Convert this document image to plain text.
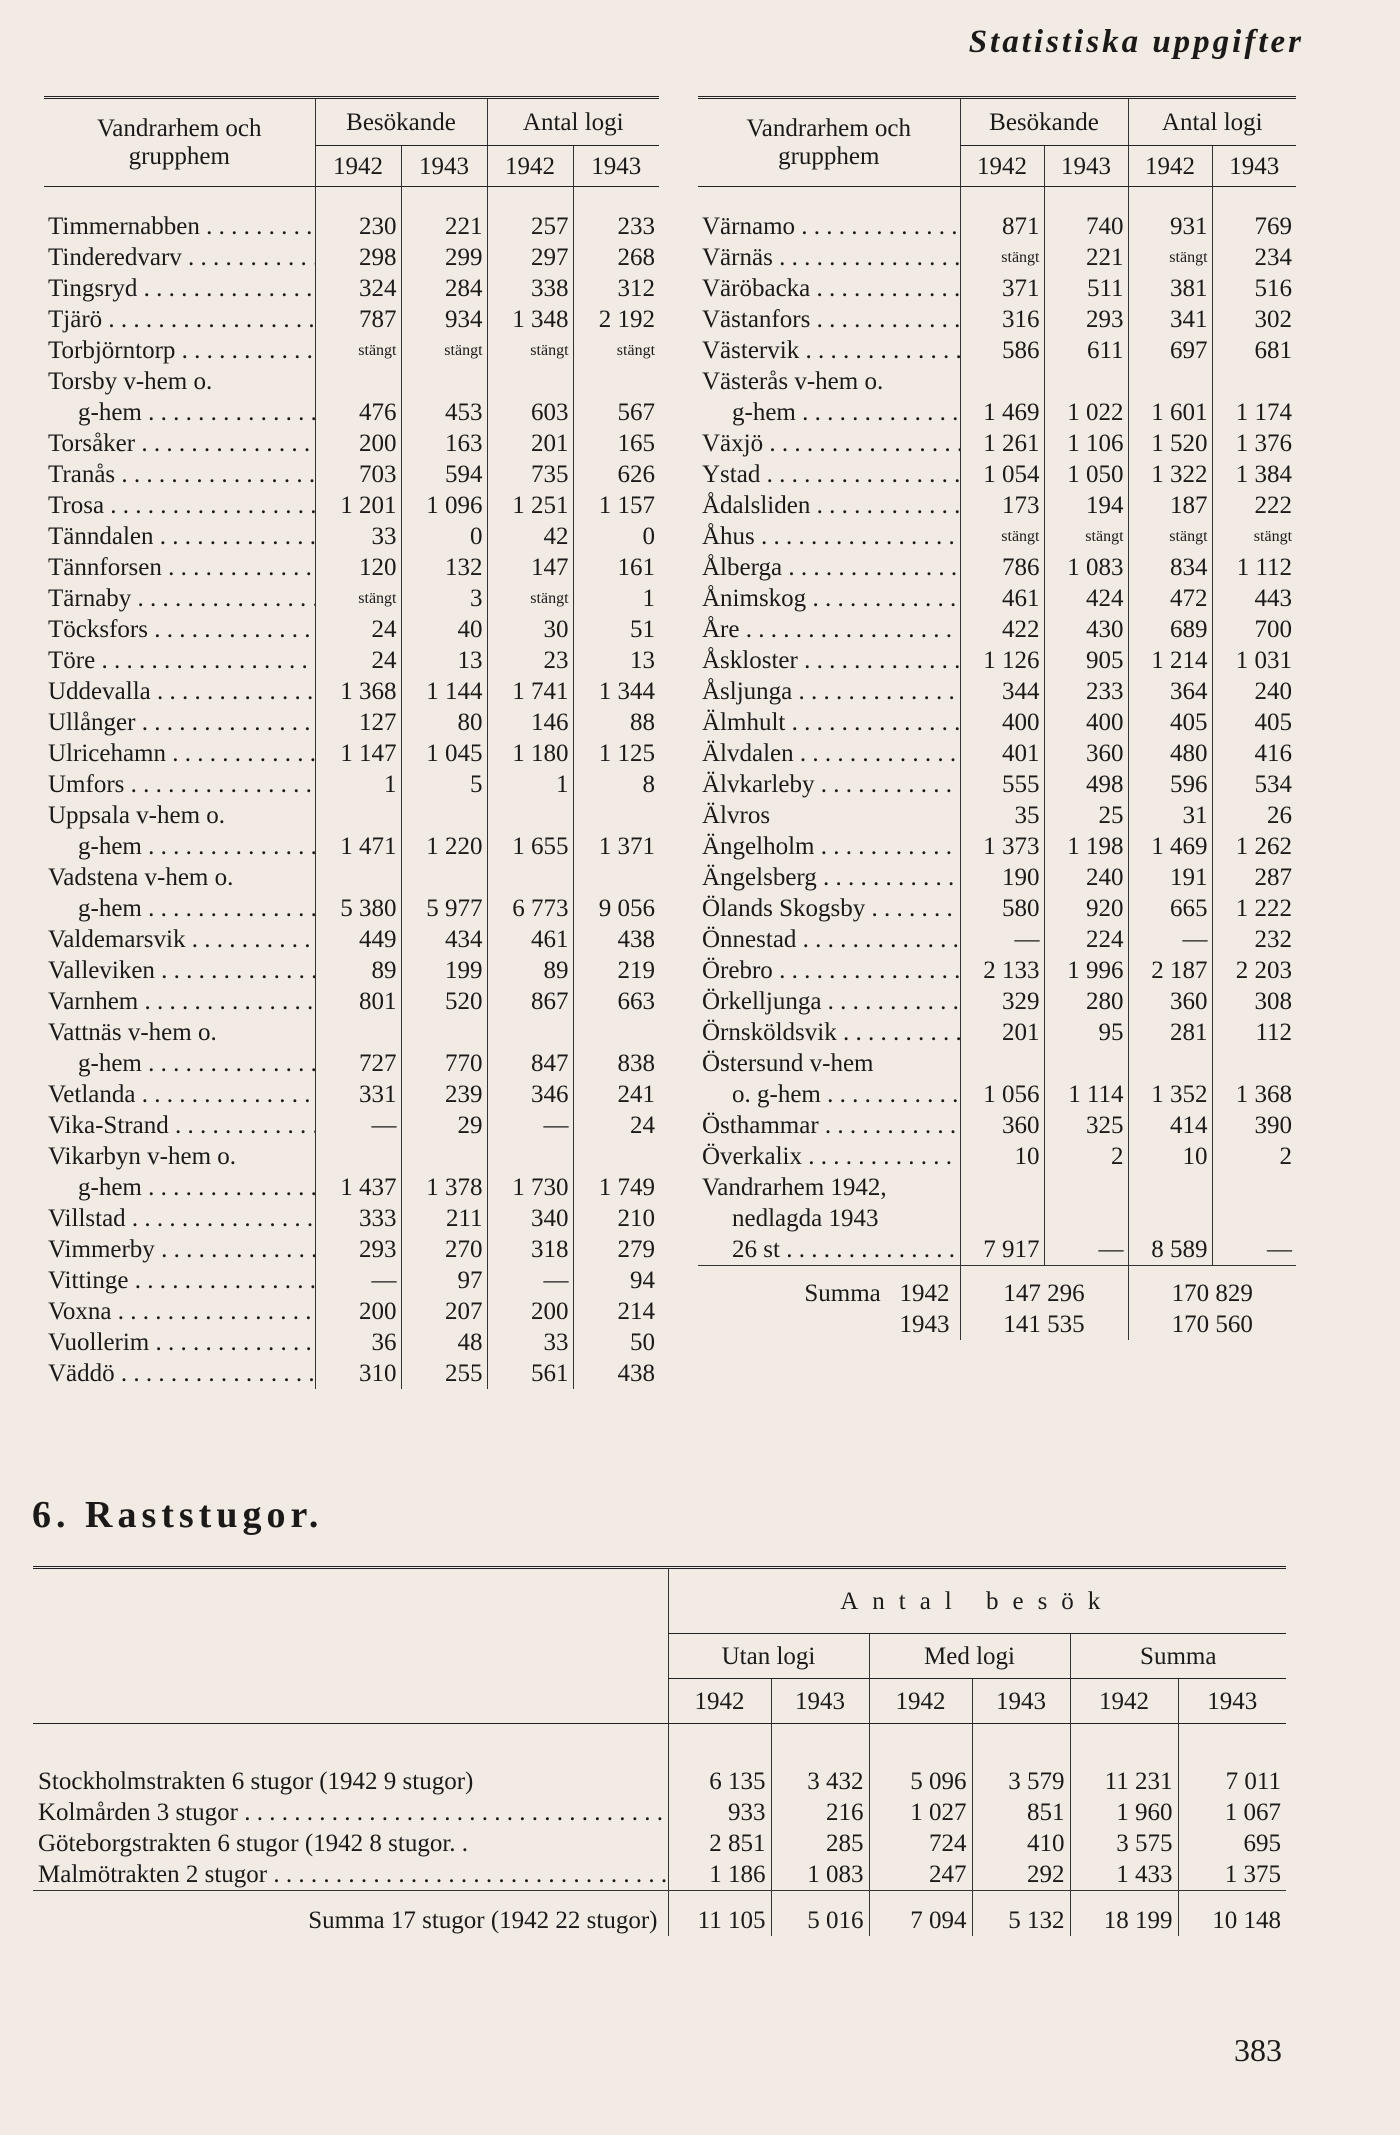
Statistiska uppgifter
Vandrarhem och grupphem	Besökande		Antal logi	
	1942	1943	1942	1943
Timmernabben . . .	230	221	257	233
Tinderedvarv . . .	298	299	297	268
Tingsryd . . .	324	284	338	312
Tjärö . . .	787	934	1 348	2 192
Torbjörntorp . . .	stängt	stängt	stängt	stängt
Torsby v-hem o.				
g-hem . . .	476	453	603	567
Torsåker . . .	200	163	201	165
Tranås . . .	703	594	735	626
Trosa . . .	1 201	1 096	1 251	1 157
Tänndalen . . .	33	0	42	0
Tännforsen . . .	120	132	147	161
Tärnaby . . .	stängt	3	stängt	1
Töcksfors . . .	24	40	30	51
Töre . . .	24	13	23	13
Uddevalla . . .	1 368	1 144	1 741	1 344
Ullånger . . .	127	80	146	88
Ulricehamn . . .	1 147	1 045	1 180	1 125
Umfors . . .	1	5	1	8
Uppsala v-hem o.				
g-hem . . .	1 471	1 220	1 655	1 371
Vadstena v-hem o.				
g-hem . . .	5 380	5 977	6 773	9 056
Valdemarsvik . . .	449	434	461	438
Valleviken . . .	89	199	89	219
Varnhem . . .	801	520	867	663
Vattnäs v-hem o.				
g-hem . . .	727	770	847	838
Vetlanda . . .	331	239	346	241
Vika-Strand . . .	—	29	—	24
Vikarbyn v-hem o.				
g-hem . . .	1 437	1 378	1 730	1 749
Villstad . . .	333	211	340	210
Vimmerby . . .	293	270	318	279
Vittinge . . .	—	97	—	94
Voxna . . .	200	207	200	214
Vuollerim . . .	36	48	33	50
Väddö . . .	310	255	561	438
Vandrarhem och grupphem	Besökande		Antal logi	
	1942	1943	1942	1943
Värnamo . . .	871	740	931	769
Värnäs . . .	stängt	221	stängt	234
Väröbacka . . .	371	511	381	516
Västanfors . . .	316	293	341	302
Västervik . . .	586	611	697	681
Västerås v-hem o.				
g-hem . . .	1 469	1 022	1 601	1 174
Växjö . . .	1 261	1 106	1 520	1 376
Ystad . . .	1 054	1 050	1 322	1 384
Ådalsliden . . .	173	194	187	222
Åhus . . .	stängt	stängt	stängt	stängt
Ålberga . . .	786	1 083	834	1 112
Ånimskog . . .	461	424	472	443
Åre . . .	422	430	689	700
Åskloster . . .	1 126	905	1 214	1 031
Åsljunga . . .	344	233	364	240
Älmhult . . .	400	400	405	405
Älvdalen . . .	401	360	480	416
Älvkarleby . . .	555	498	596	534
Älvros	35	25	31	26
Ängelholm . . .	1 373	1 198	1 469	1 262
Ängelsberg . . .	190	240	191	287
Ölands Skogsby . . .	580	920	665	1 222
Önnestad . . .	—	224	—	232
Örebro . . .	2 133	1 996	2 187	2 203
Örkelljunga . . .	329	280	360	308
Örnsköldsvik . . .	201	95	281	112
Östersund v-hem				
o. g-hem . . .	1 056	1 114	1 352	1 368
Östhammar . . .	360	325	414	390
Överkalix . . .	10	2	10	2
Vandrarhem 1942,				
nedlagda 1943				
26 st . . .	7 917	—	8 589	—
Summa 1942	147 296		170 829	
1943	141 535		170 560	
6. Raststugor.
	Antal besök					
	Utan logi		Med logi		Summa	
	1942	1943	1942	1943	1942	1943

Stockholmstrakten 6 stugor (1942 9 stugor)	6 135	3 432	5 096	3 579	11 231	7 011
Kolmården 3 stugor . . .	933	216	1 027	851	1 960	1 067
Göteborgstrakten 6 stugor (1942 8 stugor. .	2 851	285	724	410	3 575	695
Malmötrakten 2 stugor . . .	1 186	1 083	247	292	1 433	1 375
Summa 17 stugor (1942 22 stugor)	11 105	5 016	7 094	5 132	18 199	10 148
383
